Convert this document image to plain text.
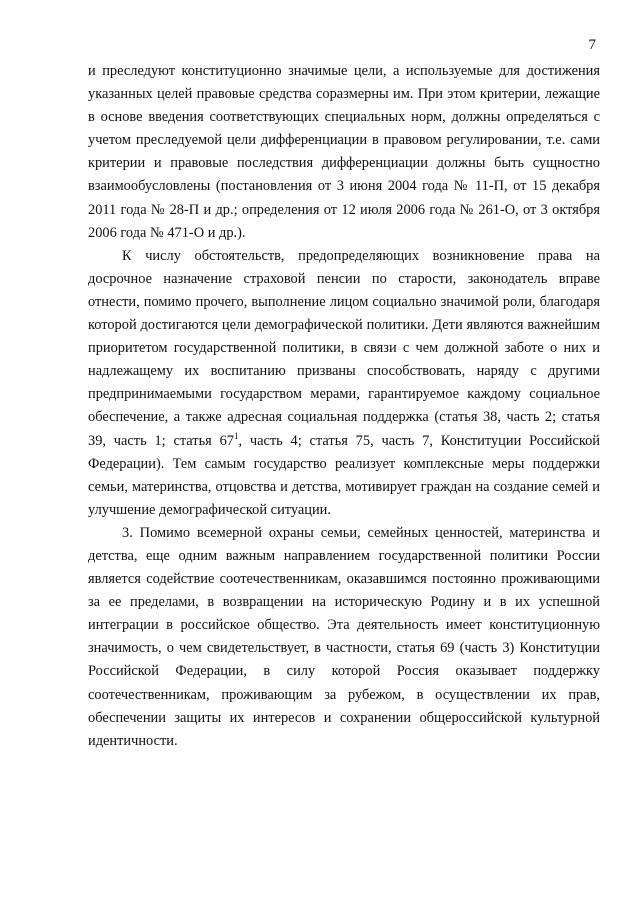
7

и преследуют конституционно значимые цели, а используемые для достижения указанных целей правовые средства соразмерны им. При этом критерии, лежащие в основе введения соответствующих специальных норм, должны определяться с учетом преследуемой цели дифференциации в правовом регулировании, т.е. сами критерии и правовые последствия дифференциации должны быть сущностно взаимообусловлены (постановления от 3 июня 2004 года № 11-П, от 15 декабря 2011 года № 28-П и др.; определения от 12 июля 2006 года № 261-О, от 3 октября 2006 года № 471-О и др.).

К числу обстоятельств, предопределяющих возникновение права на досрочное назначение страховой пенсии по старости, законодатель вправе отнести, помимо прочего, выполнение лицом социально значимой роли, благодаря которой достигаются цели демографической политики. Дети являются важнейшим приоритетом государственной политики, в связи с чем должной заботе о них и надлежащему их воспитанию призваны способствовать, наряду с другими предпринимаемыми государством мерами, гарантируемое каждому социальное обеспечение, а также адресная социальная поддержка (статья 38, часть 2; статья 39, часть 1; статья $67^1$, часть 4; статья 75, часть 7, Конституции Российской Федерации). Тем самым государство реализует комплексные меры поддержки семьи, материнства, отцовства и детства, мотивирует граждан на создание семей и улучшение демографической ситуации.

3. Помимо всемерной охраны семьи, семейных ценностей, материнства и детства, еще одним важным направлением государственной политики России является содействие соотечественникам, оказавшимся постоянно проживающими за ее пределами, в возвращении на историческую Родину и в их успешной интеграции в российское общество. Эта деятельность имеет конституционную значимость, о чем свидетельствует, в частности, статья 69 (часть 3) Конституции Российской Федерации, в силу которой Россия оказывает поддержку соотечественникам, проживающим за рубежом, в осуществлении их прав, обеспечении защиты их интересов и сохранении общероссийской культурной идентичности.
